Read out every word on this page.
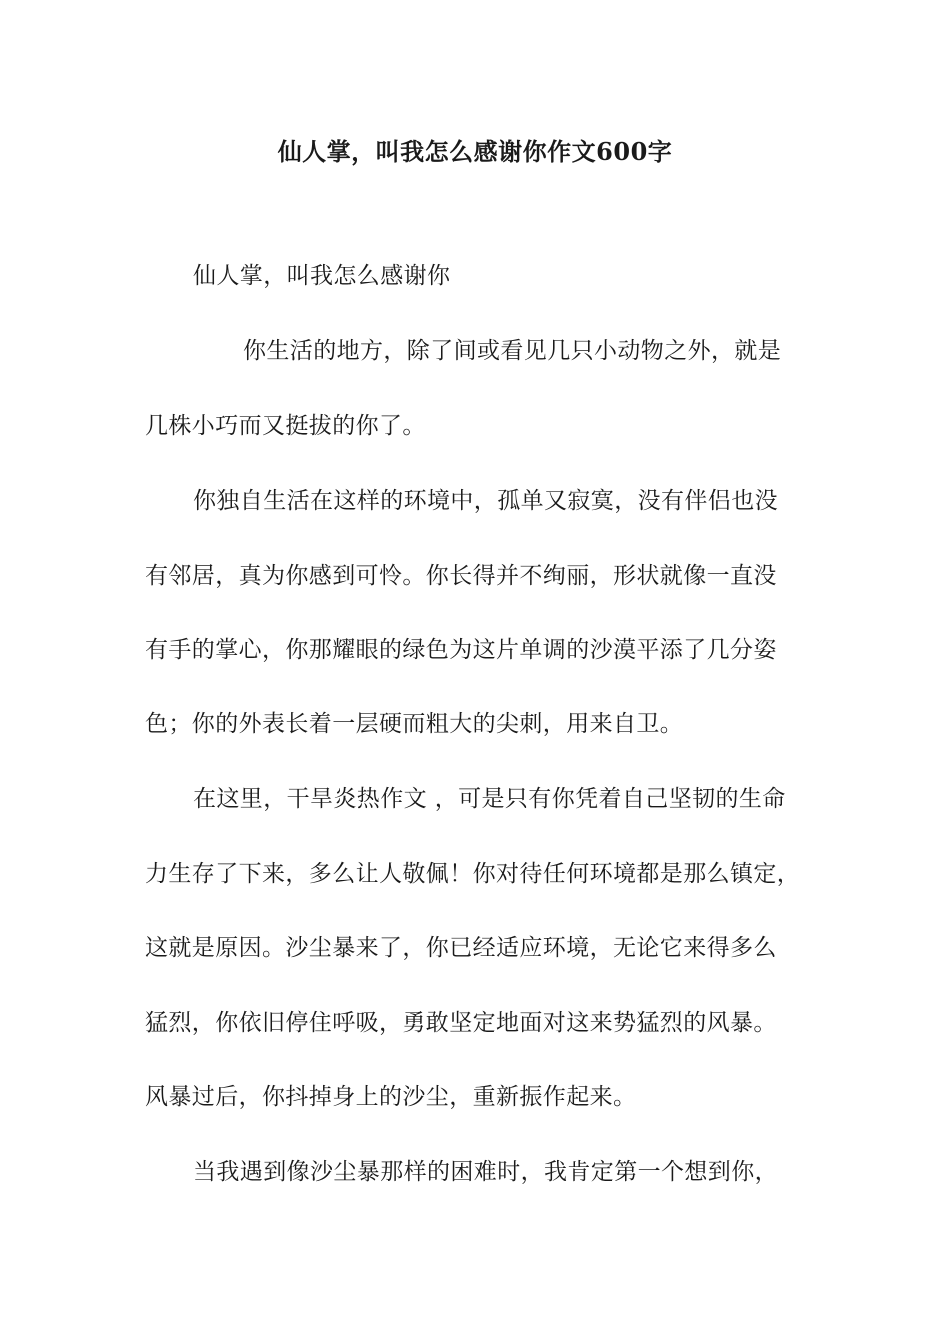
仙人掌，叫我怎么感谢你作文600字
仙人掌，叫我怎么感谢你
你生活的地方，除了间或看见几只小动物之外，就是
几株小巧而又挺拔的你了。
你独自生活在这样的环境中，孤单又寂寞，没有伴侣也没
有邻居，真为你感到可怜。你长得并不绚丽，形状就像一直没
有手的掌心，你那耀眼的绿色为这片单调的沙漠平添了几分姿
色；你的外表长着一层硬而粗大的尖刺，用来自卫。
在这里，干旱炎热作文 ，可是只有你凭着自己坚韧的生命
力生存了下来，多么让人敬佩！你对待任何环境都是那么镇定，
这就是原因。沙尘暴来了，你已经适应环境，无论它来得多么
猛烈，你依旧停住呼吸，勇敢坚定地面对这来势猛烈的风暴。
风暴过后，你抖掉身上的沙尘，重新振作起来。
当我遇到像沙尘暴那样的困难时，我肯定第一个想到你，
